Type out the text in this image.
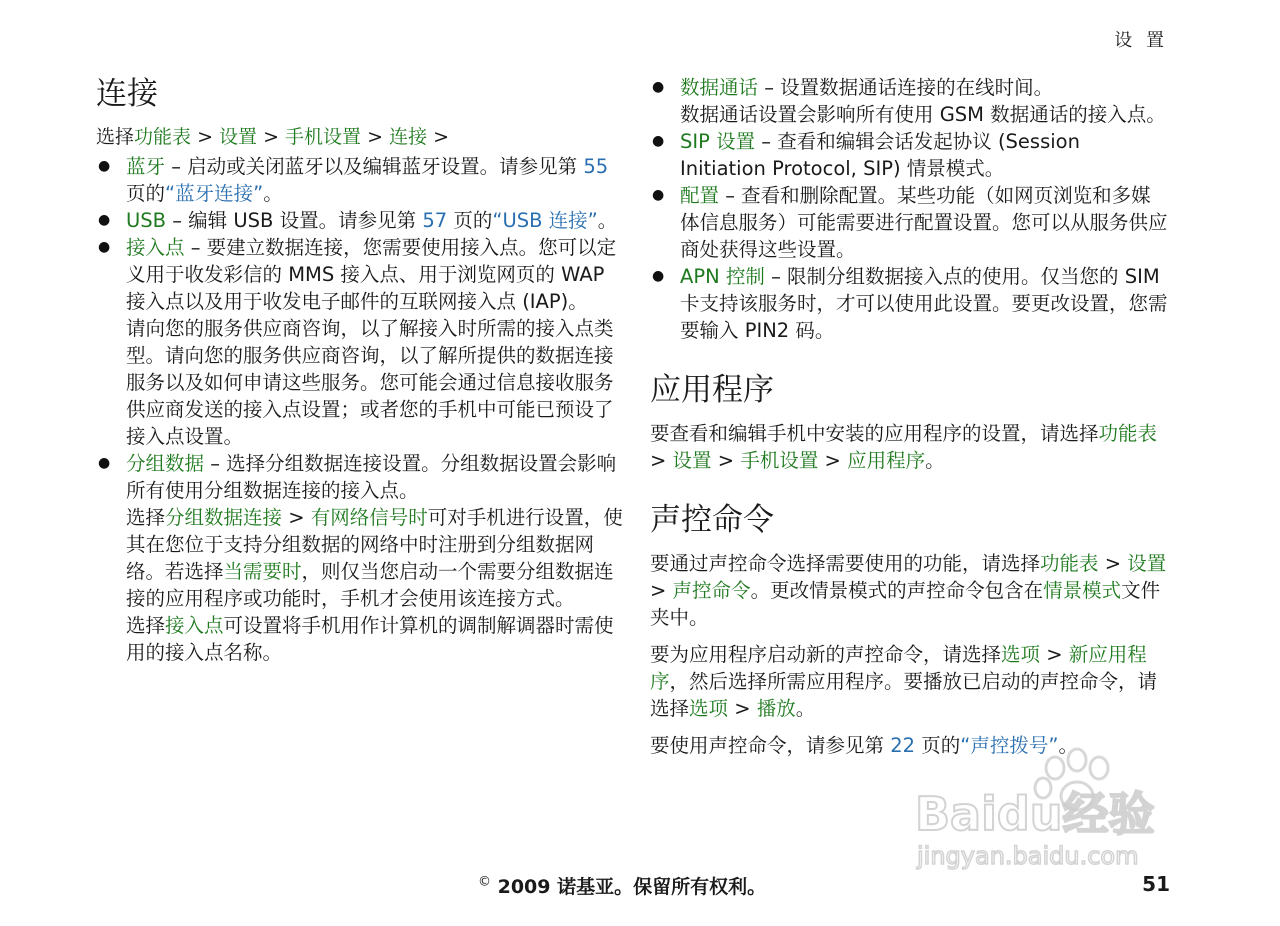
设 置
连接

选择功能表 > 设置 > 手机设置 > 连接 >

● 蓝牙 – 启动或关闭蓝牙以及编辑蓝牙设置。请参见第 55 页的“蓝牙连接”。
● USB – 编辑 USB 设置。请参见第 57 页的“USB 连接”。
● 接入点 – 要建立数据连接，您需要使用接入点。您可以定义用于收发彩信的 MMS 接入点、用于浏览网页的 WAP 接入点以及用于收发电子邮件的互联网接入点 (IAP)。
请向您的服务供应商咨询，以了解接入时所需的接入点类型。请向您的服务供应商咨询，以了解所提供的数据连接服务以及如何申请这些服务。您可能会通过信息接收服务供应商发送的接入点设置；或者您的手机中可能已预设了接入点设置。
● 分组数据 – 选择分组数据连接设置。分组数据设置会影响所有使用分组数据连接的接入点。
选择分组数据连接 > 有网络信号时可对手机进行设置，使其在您位于支持分组数据的网络中时注册到分组数据网络。若选择当需要时，则仅当您启动一个需要分组数据连接的应用程序或功能时，手机才会使用该连接方式。
选择接入点可设置将手机用作计算机的调制解调器时需使用的接入点名称。
● 数据通话 – 设置数据通话连接的在线时间。
数据通话设置会影响所有使用 GSM 数据通话的接入点。
● SIP 设置 – 查看和编辑会话发起协议 (Session Initiation Protocol, SIP) 情景模式。
● 配置 – 查看和删除配置。某些功能（如网页浏览和多媒体信息服务）可能需要进行配置设置。您可以从服务供应商处获得这些设置。
● APN 控制 – 限制分组数据接入点的使用。仅当您的 SIM 卡支持该服务时，才可以使用此设置。要更改设置，您需要输入 PIN2 码。
应用程序

要查看和编辑手机中安装的应用程序的设置，请选择功能表 > 设置 > 手机设置 > 应用程序。

声控命令

要通过声控命令选择需要使用的功能，请选择功能表 > 设置 > 声控命令。更改情景模式的声控命令包含在情景模式文件夹中。

要为应用程序启动新的声控命令，请选择选项 > 新应用程序，然后选择所需应用程序。要播放已启动的声控命令，请选择选项 > 播放。

要使用声控命令，请参见第 22 页的“声控拨号”。

Baidu经验
jingyan.baidu.com
© 2009 诺基亚。保留所有权利。	51
